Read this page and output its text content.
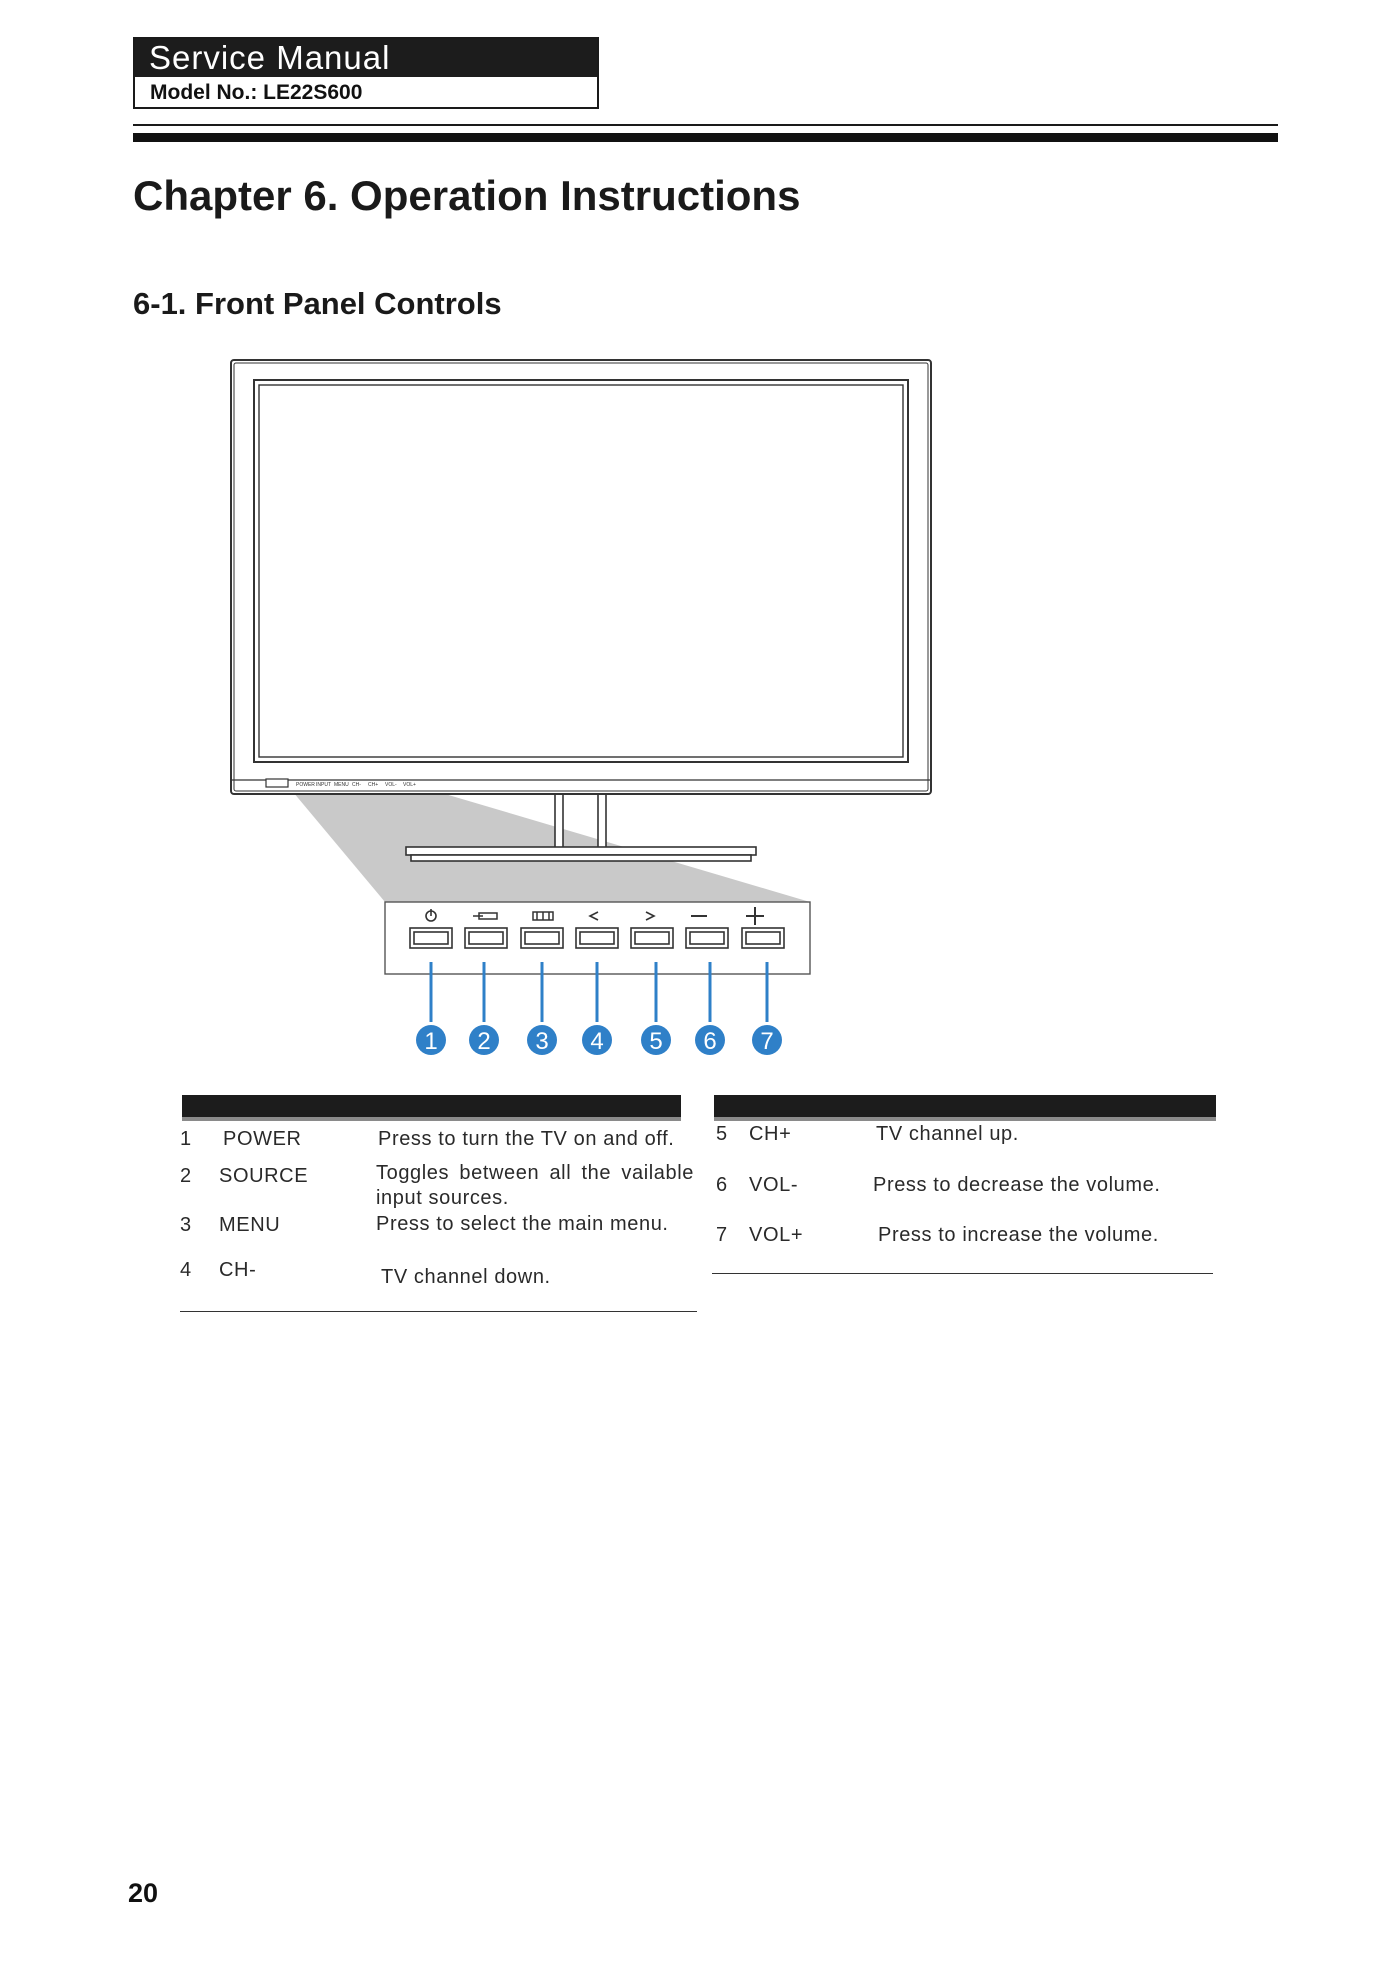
Service Manual
Model No.: LE22S600
Chapter 6. Operation Instructions
6-1. Front Panel Controls
POWER INPUT MENU CH- CH+ VOL- VOL+
1 2 3 4 5 6 7
1 POWER	Press to turn the TV on and off.
2 SOURCE	Toggles between all the vailable input sources.
3 MENU	Press to select the main menu.
4 CH-	TV channel down.
5 CH+	TV channel up.
6 VOL-	Press to decrease the volume.
7 VOL+	Press to increase the volume.
20
